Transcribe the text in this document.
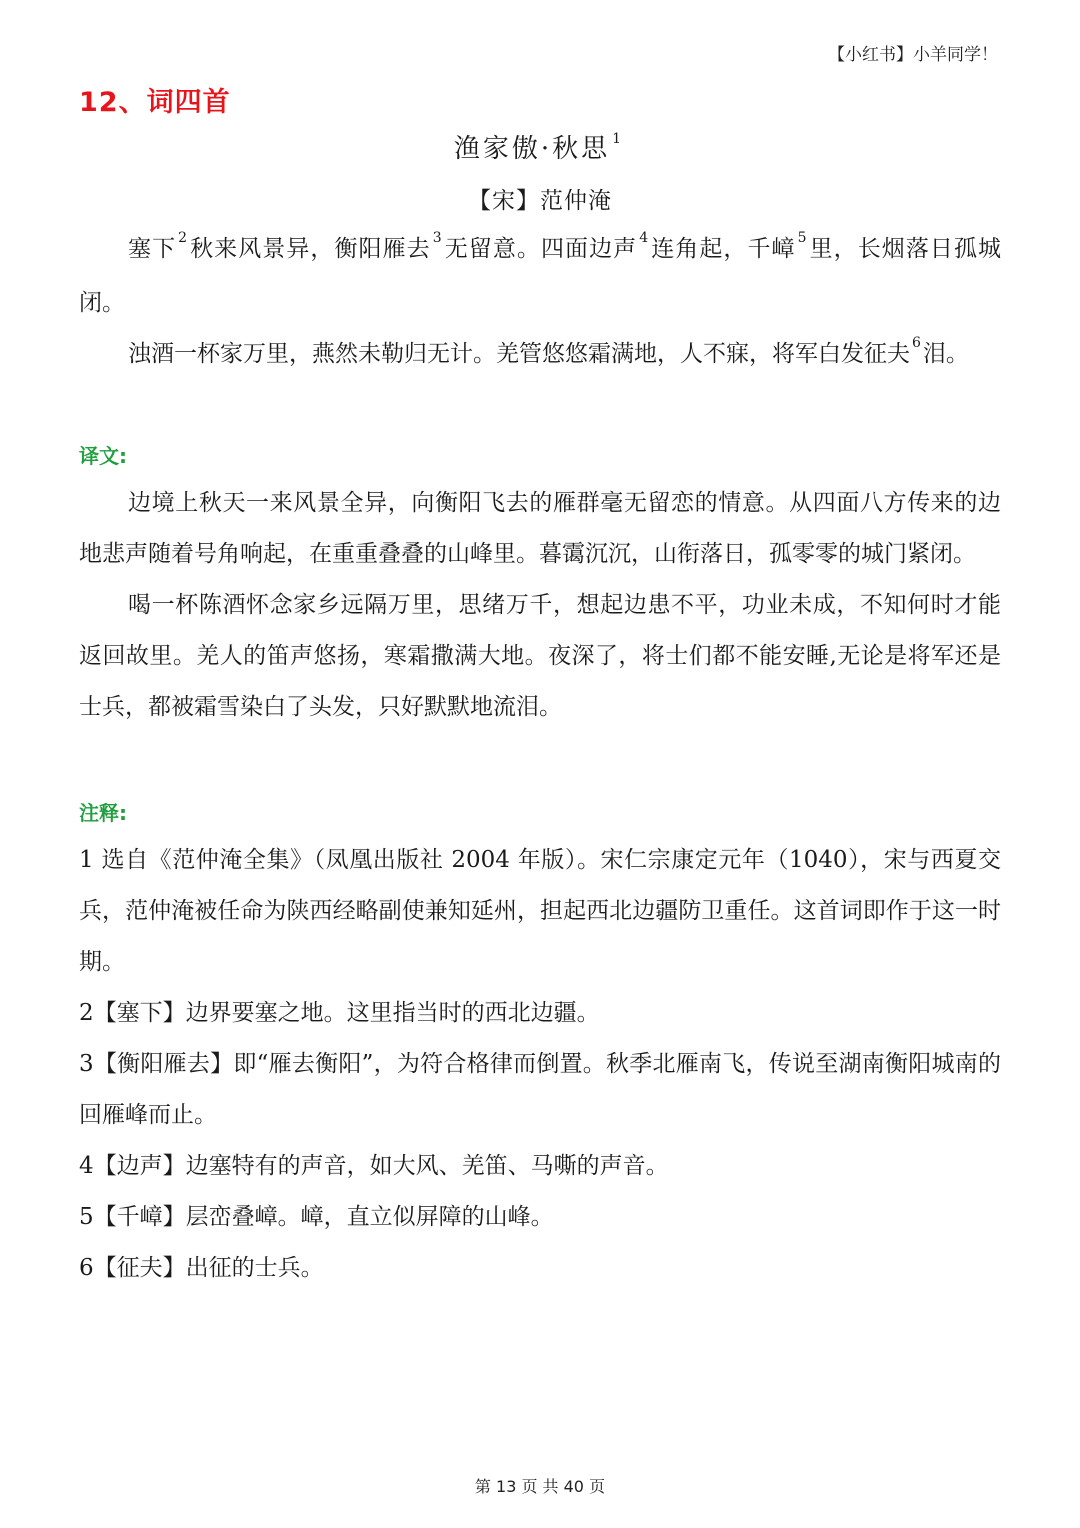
【小红书】小羊同学！
12、词四首
渔家傲·秋思 $^1$
【宋】范仲淹

塞下 $^2$秋来风景异，衡阳雁去 $^3$无留意。四面边声 $^4$连角起，千嶂 $^5$里，长烟落日孤城闭。

浊酒一杯家万里，燕然未勒归无计。羌管悠悠霜满地，人不寐，将军白发征夫 $^6$泪。

译文:

边境上秋天一来风景全异，向衡阳飞去的雁群毫无留恋的情意。从四面八方传来的边地悲声随着号角响起，在重重叠叠的山峰里。暮霭沉沉，山衔落日，孤零零的城门紧闭。

喝一杯陈酒怀念家乡远隔万里，思绪万千，想起边患不平，功业未成，不知何时才能返回故里。羌人的笛声悠扬，寒霜撒满大地。夜深了，将士们都不能安睡,无论是将军还是士兵，都被霜雪染白了头发，只好默默地流泪。

注释:

1 选自《范仲淹全集》（凤凰出版社 2004 年版）。宋仁宗康定元年（1040），宋与西夏交兵，范仲淹被任命为陕西经略副使兼知延州，担起西北边疆防卫重任。这首词即作于这一时期。

2【塞下】边界要塞之地。这里指当时的西北边疆。

3【衡阳雁去】即“雁去衡阳”，为符合格律而倒置。秋季北雁南飞，传说至湖南衡阳城南的回雁峰而止。

4【边声】边塞特有的声音，如大风、羌笛、马嘶的声音。

5【千嶂】层峦叠嶂。嶂，直立似屏障的山峰。

6【征夫】出征的士兵。

第 13 页 共 40 页
